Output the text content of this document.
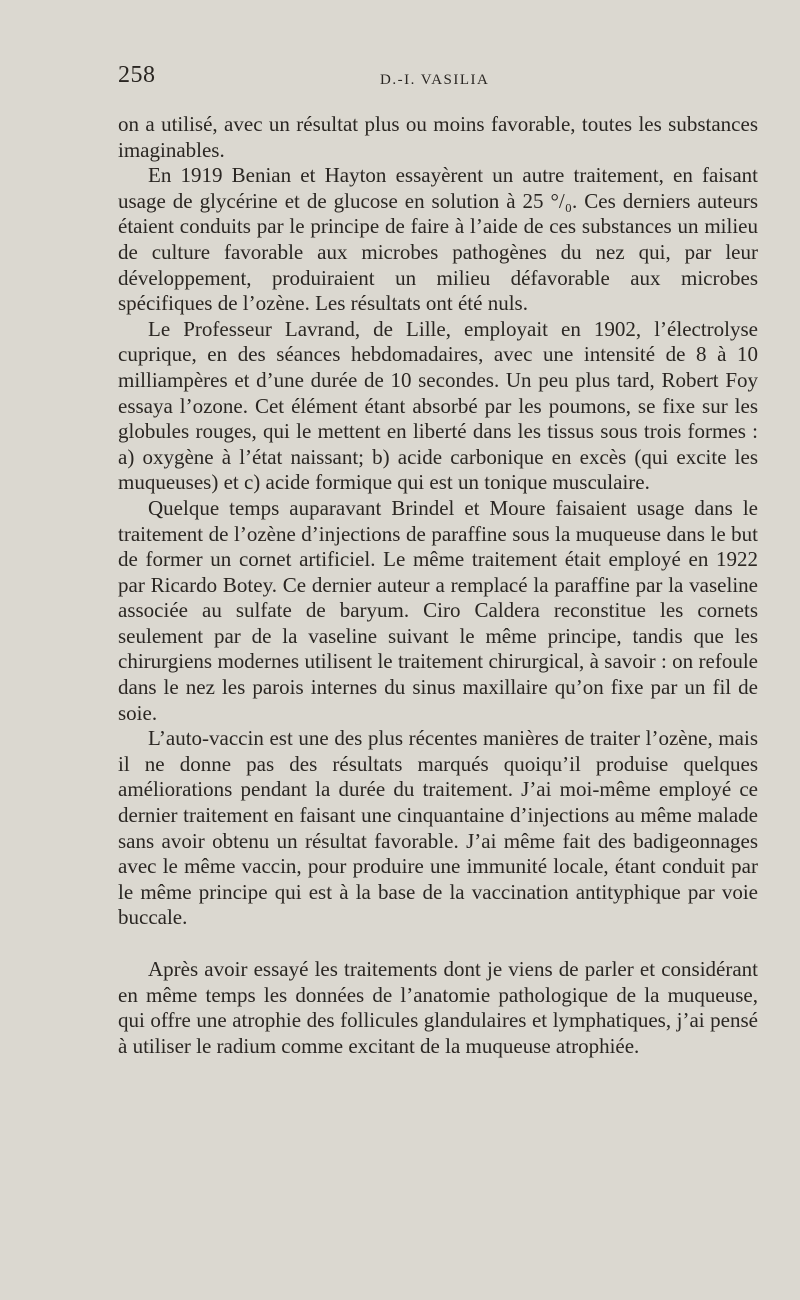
258	D.-I. VASILIA

on a utilisé, avec un résultat plus ou moins favorable, toutes les substances imaginables.

En 1919 Benian et Hayton essayèrent un autre traitement, en faisant usage de glycérine et de glucose en solution à 25 °/₀. Ces derniers auteurs étaient conduits par le principe de faire à l’aide de ces substances un milieu de culture favorable aux microbes pathogènes du nez qui, par leur développement, produiraient un milieu défavorable aux microbes spécifiques de l’ozène. Les résultats ont été nuls.

Le Professeur Lavrand, de Lille, employait en 1902, l’électrolyse cuprique, en des séances hebdomadaires, avec une intensité de 8 à 10 milliampères et d’une durée de 10 secondes. Un peu plus tard, Robert Foy essaya l’ozone. Cet élément étant absorbé par les poumons, se fixe sur les globules rouges, qui le mettent en liberté dans les tissus sous trois formes : a) oxygène à l’état naissant; b) acide carbonique en excès (qui excite les muqueuses) et c) acide formique qui est un tonique musculaire.

Quelque temps auparavant Brindel et Moure faisaient usage dans le traitement de l’ozène d’injections de paraffine sous la muqueuse dans le but de former un cornet artificiel. Le même traitement était employé en 1922 par Ricardo Botey. Ce dernier auteur a remplacé la paraffine par la vaseline associée au sulfate de baryum. Ciro Caldera reconstitue les cornets seulement par de la vaseline suivant le même principe, tandis que les chirurgiens modernes utilisent le traitement chirurgical, à savoir : on refoule dans le nez les parois internes du sinus maxillaire qu’on fixe par un fil de soie.

L’auto-vaccin est une des plus récentes manières de traiter l’ozène, mais il ne donne pas des résultats marqués quoiqu’il produise quelques améliorations pendant la durée du traitement. J’ai moi-même employé ce dernier traitement en faisant une cinquantaine d’injections au même malade sans avoir obtenu un résultat favorable. J’ai même fait des badigeonnages avec le même vaccin, pour produire une immunité locale, étant conduit par le même principe qui est à la base de la vaccination antityphique par voie buccale.

Après avoir essayé les traitements dont je viens de parler et considérant en même temps les données de l’anatomie pathologique de la muqueuse, qui offre une atrophie des follicules glandulaires et lymphatiques, j’ai pensé à utiliser le radium comme excitant de la muqueuse atrophiée.
